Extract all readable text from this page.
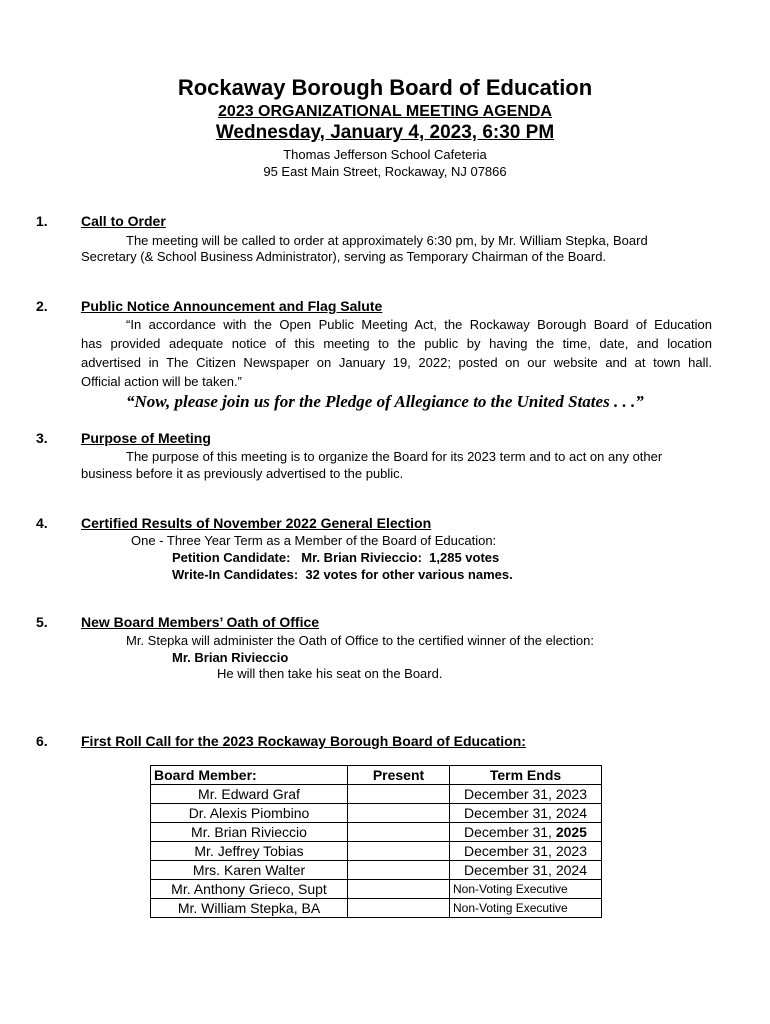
Rockaway Borough Board of Education
2023 ORGANIZATIONAL MEETING AGENDA
Wednesday, January 4, 2023, 6:30 PM
Thomas Jefferson School Cafeteria
95 East Main Street, Rockaway, NJ 07866
1. Call to Order
The meeting will be called to order at approximately 6:30 pm, by Mr. William Stepka, Board
Secretary (& School Business Administrator), serving as Temporary Chairman of the Board.
2. Public Notice Announcement and Flag Salute
“In accordance with the Open Public Meeting Act, the Rockaway Borough Board of Education
has provided adequate notice of this meeting to the public by having the time, date, and location
advertised in The Citizen Newspaper on January 19, 2022; posted on our website and at town hall.
Official action will be taken.”
“Now, please join us for the Pledge of Allegiance to the United States . . .”
3. Purpose of Meeting
The purpose of this meeting is to organize the Board for its 2023 term and to act on any other
business before it as previously advertised to the public.
4. Certified Results of November 2022 General Election
One - Three Year Term as a Member of the Board of Education:
Petition Candidate:   Mr. Brian Rivieccio:  1,285 votes
Write-In Candidates:  32 votes for other various names.
5. New Board Members’ Oath of Office
Mr. Stepka will administer the Oath of Office to the certified winner of the election:
Mr. Brian Rivieccio
He will then take his seat on the Board.
6. First Roll Call for the 2023 Rockaway Borough Board of Education:
Board Member:	Present	Term Ends
Mr. Edward Graf		December 31, 2023
Dr. Alexis Piombino		December 31, 2024
Mr. Brian Rivieccio		December 31, 2025
Mr. Jeffrey Tobias		December 31, 2023
Mrs. Karen Walter		December 31, 2024
Mr. Anthony Grieco, Supt		Non-Voting Executive
Mr. William Stepka, BA		Non-Voting Executive
